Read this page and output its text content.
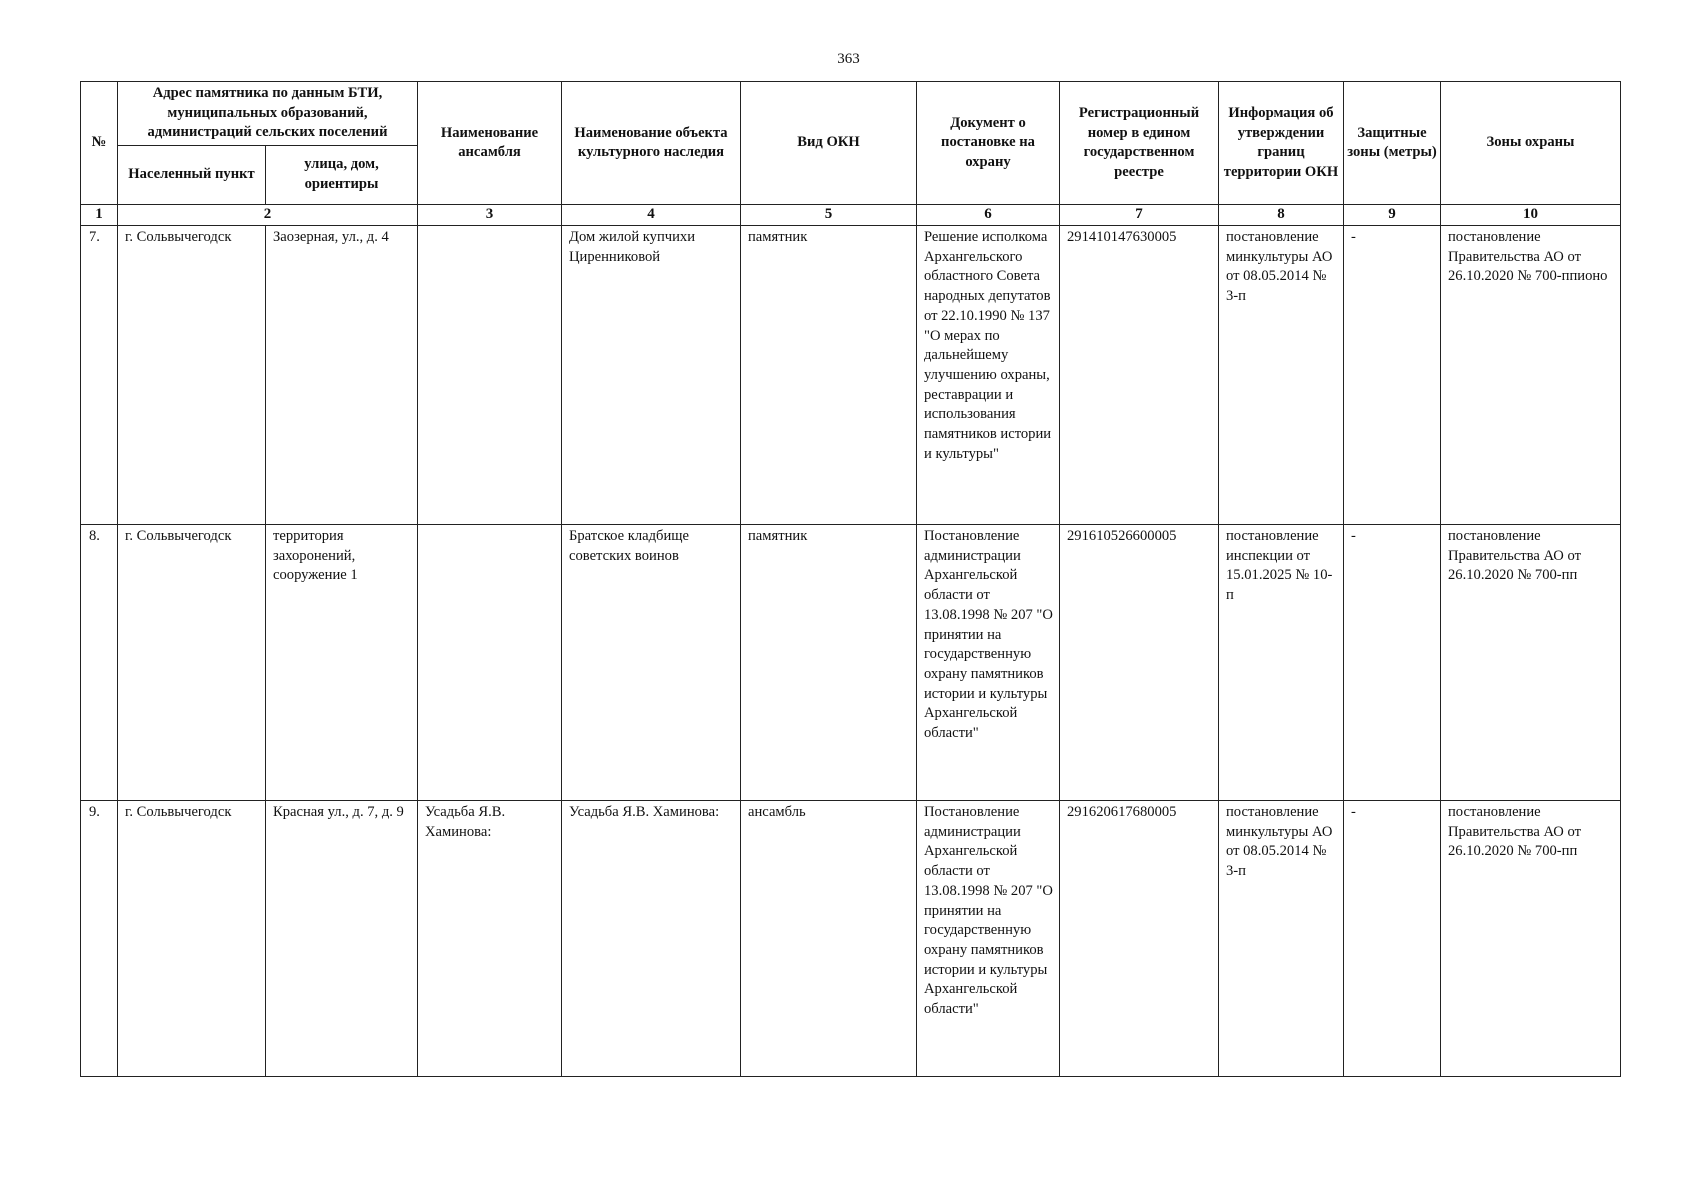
363
№	Адрес памятника по данным БТИ, муниципальных образований, администраций сельских поселений		Наименование ансамбля	Наименование объекта культурного наследия	Вид ОКН	Документ о постановке на охрану	Регистрационный номер в едином государственном реестре	Информация об утверждении границ территории ОКН	Защитные зоны (метры)	Зоны охраны
	Населенный пункт	улица, дом, ориентиры								
1	2		3	4	5	6	7	8	9	10
7.	г. Сольвычегодск	Заозерная, ул., д. 4		Дом жилой купчихи Циренниковой	памятник	Решение исполкома Архангельского областного Совета народных депутатов от 22.10.1990 № 137 "О мерах по дальнейшему улучшению охраны, реставрации и использования памятников истории и культуры"	291410147630005	постановление минкультуры АО от 08.05.2014 № 3-п	-	постановление Правительства АО от 26.10.2020 № 700-ппионо
8.	г. Сольвычегодск	территория захоронений, сооружение 1		Братское кладбище советских воинов	памятник	Постановление администрации Архангельской области от 13.08.1998 № 207 "О принятии на государственную охрану памятников истории и культуры Архангельской области"	291610526600005	постановление инспекции от 15.01.2025 № 10-п	-	постановление Правительства АО от 26.10.2020 № 700-пп
9.	г. Сольвычегодск	Красная ул., д. 7, д. 9	Усадьба Я.В. Хаминова:	Усадьба Я.В. Хаминова:	ансамбль	Постановление администрации Архангельской области от 13.08.1998 № 207 "О принятии на государственную охрану памятников истории и культуры Архангельской области"	291620617680005	постановление минкультуры АО от 08.05.2014 № 3-п	-	постановление Правительства АО от 26.10.2020 № 700-пп
